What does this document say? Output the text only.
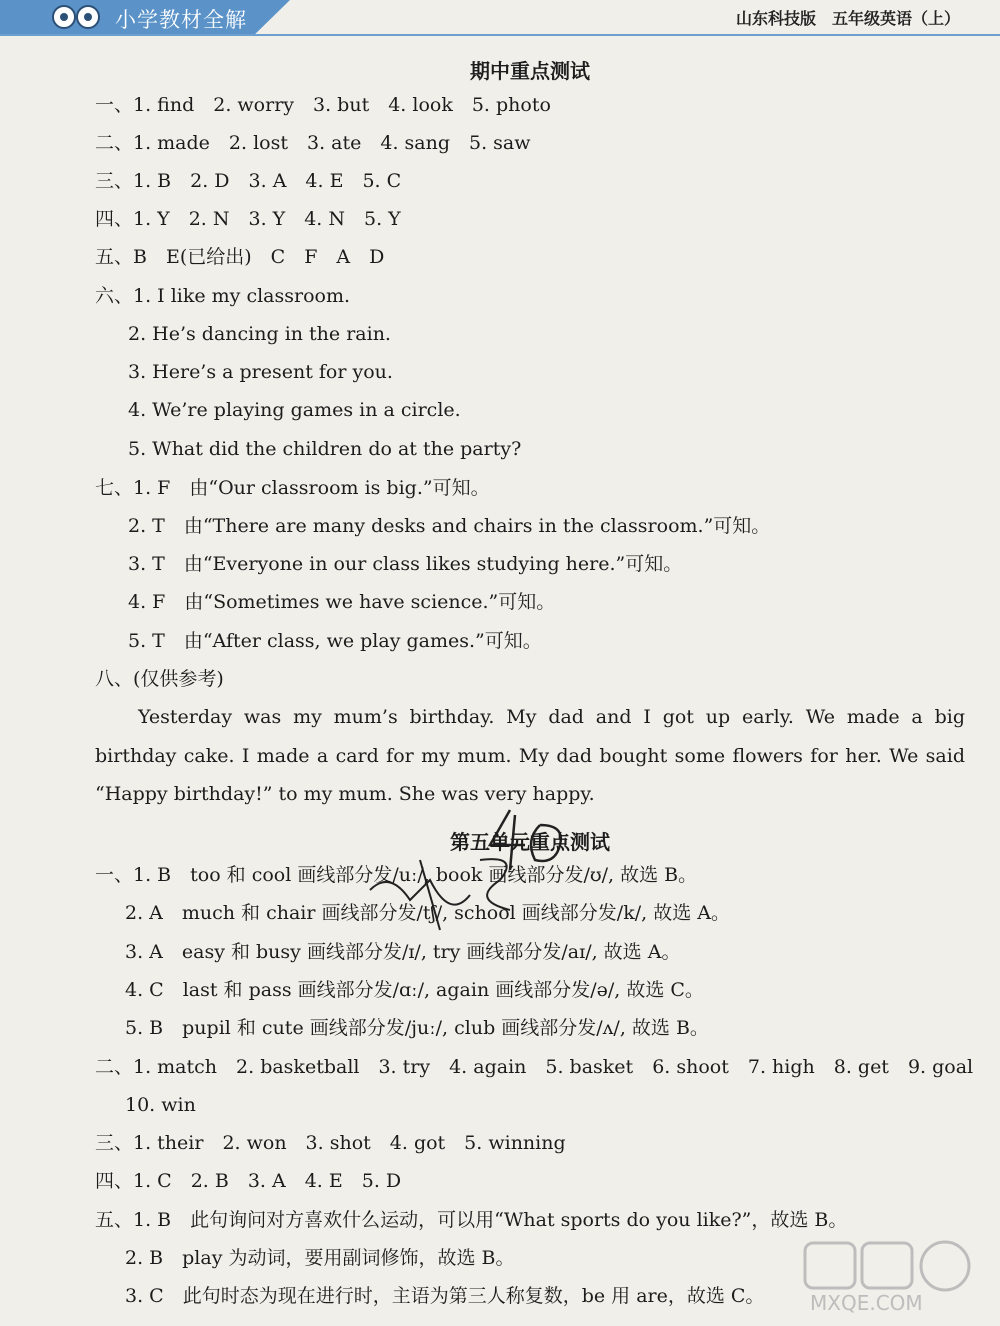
小学教材全解	山东科技版　五年级英语（上）
期中重点测试
一、1. find　2. worry　3. but　4. look　5. photo
二、1. made　2. lost　3. ate　4. sang　5. saw
三、1. B　2. D　3. A　4. E　5. C
四、1. Y　2. N　3. Y　4. N　5. Y
五、B　E(已给出)　C　F　A　D
六、1. I like my classroom.
2. He’s dancing in the rain.
3. Here’s a present for you.
4. We’re playing games in a circle.
5. What did the children do at the party?
七、1. F　由“Our classroom is big.”可知。
2. T　由“There are many desks and chairs in the classroom.”可知。
3. T　由“Everyone in our class likes studying here.”可知。
4. F　由“Sometimes we have science.”可知。
5. T　由“After class, we play games.”可知。
八、(仅供参考)
Yesterday was my mum’s birthday. My dad and I got up early. We made a big birthday cake. I made a card for my mum. My dad bought some flowers for her. We said “Happy birthday!” to my mum. She was very happy.
第五单元重点测试
一、1. B　too 和 cool 画线部分发/uː/, book 画线部分发/ʊ/, 故选 B。
2. A　much 和 chair 画线部分发/tʃ/, school 画线部分发/k/, 故选 A。
3. A　easy 和 busy 画线部分发/ɪ/, try 画线部分发/aɪ/, 故选 A。
4. C　last 和 pass 画线部分发/ɑː/, again 画线部分发/ə/, 故选 C。
5. B　pupil 和 cute 画线部分发/juː/, club 画线部分发/ʌ/, 故选 B。
二、1. match　2. basketball　3. try　4. again　5. basket　6. shoot　7. high　8. get　9. goal
10. win
三、1. their　2. won　3. shot　4. got　5. winning
四、1. C　2. B　3. A　4. E　5. D
五、1. B　此句询问对方喜欢什么运动，可以用“What sports do you like?”，故选 B。
2. B　play 为动词，要用副词修饰，故选 B。
3. C　此句时态为现在进行时，主语为第三人称复数，be 用 are，故选 C。 MXQE.COM
